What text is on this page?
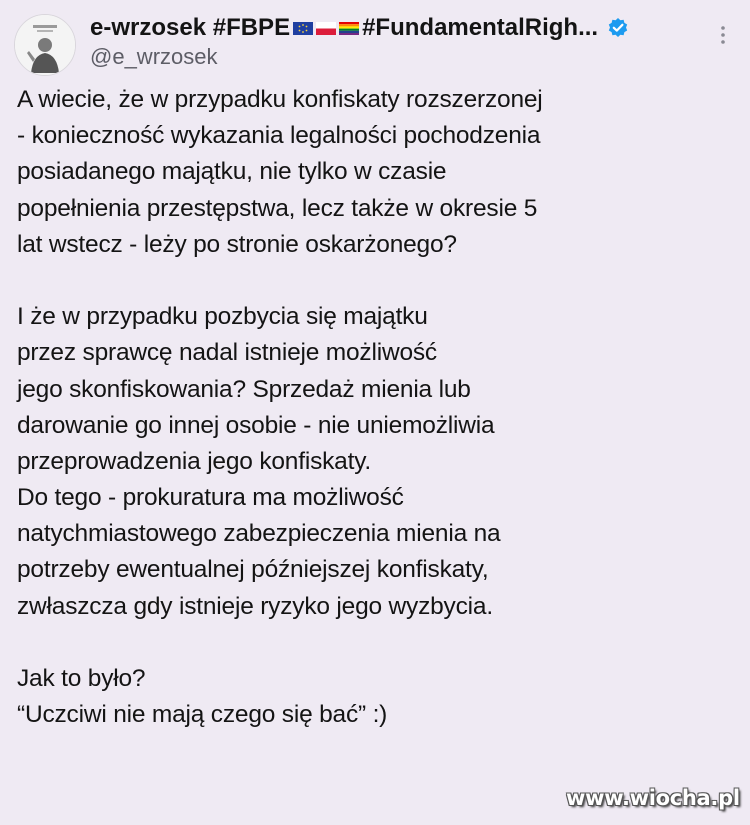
e-wrzosek #FBPE	#FundamentalRigh...
@e_wrzosek
A wiecie, że w przypadku konfiskaty rozszerzonej
- konieczność wykazania legalności pochodzenia
posiadanego majątku, nie tylko w czasie
popełnienia przestępstwa, lecz także w okresie 5
lat wstecz - leży po stronie oskarżonego?
I że w przypadku pozbycia się majątku
przez sprawcę nadal istnieje możliwość
jego skonfiskowania? Sprzedaż mienia lub
darowanie go innej osobie - nie uniemożliwia
przeprowadzenia jego konfiskaty.
Do tego - prokuratura ma możliwość
natychmiastowego zabezpieczenia mienia na
potrzeby ewentualnej późniejszej konfiskaty,
zwłaszcza gdy istnieje ryzyko jego wyzbycia.
Jak to było?
“Uczciwi nie mają czego się bać” :)
www.wiocha.pl
